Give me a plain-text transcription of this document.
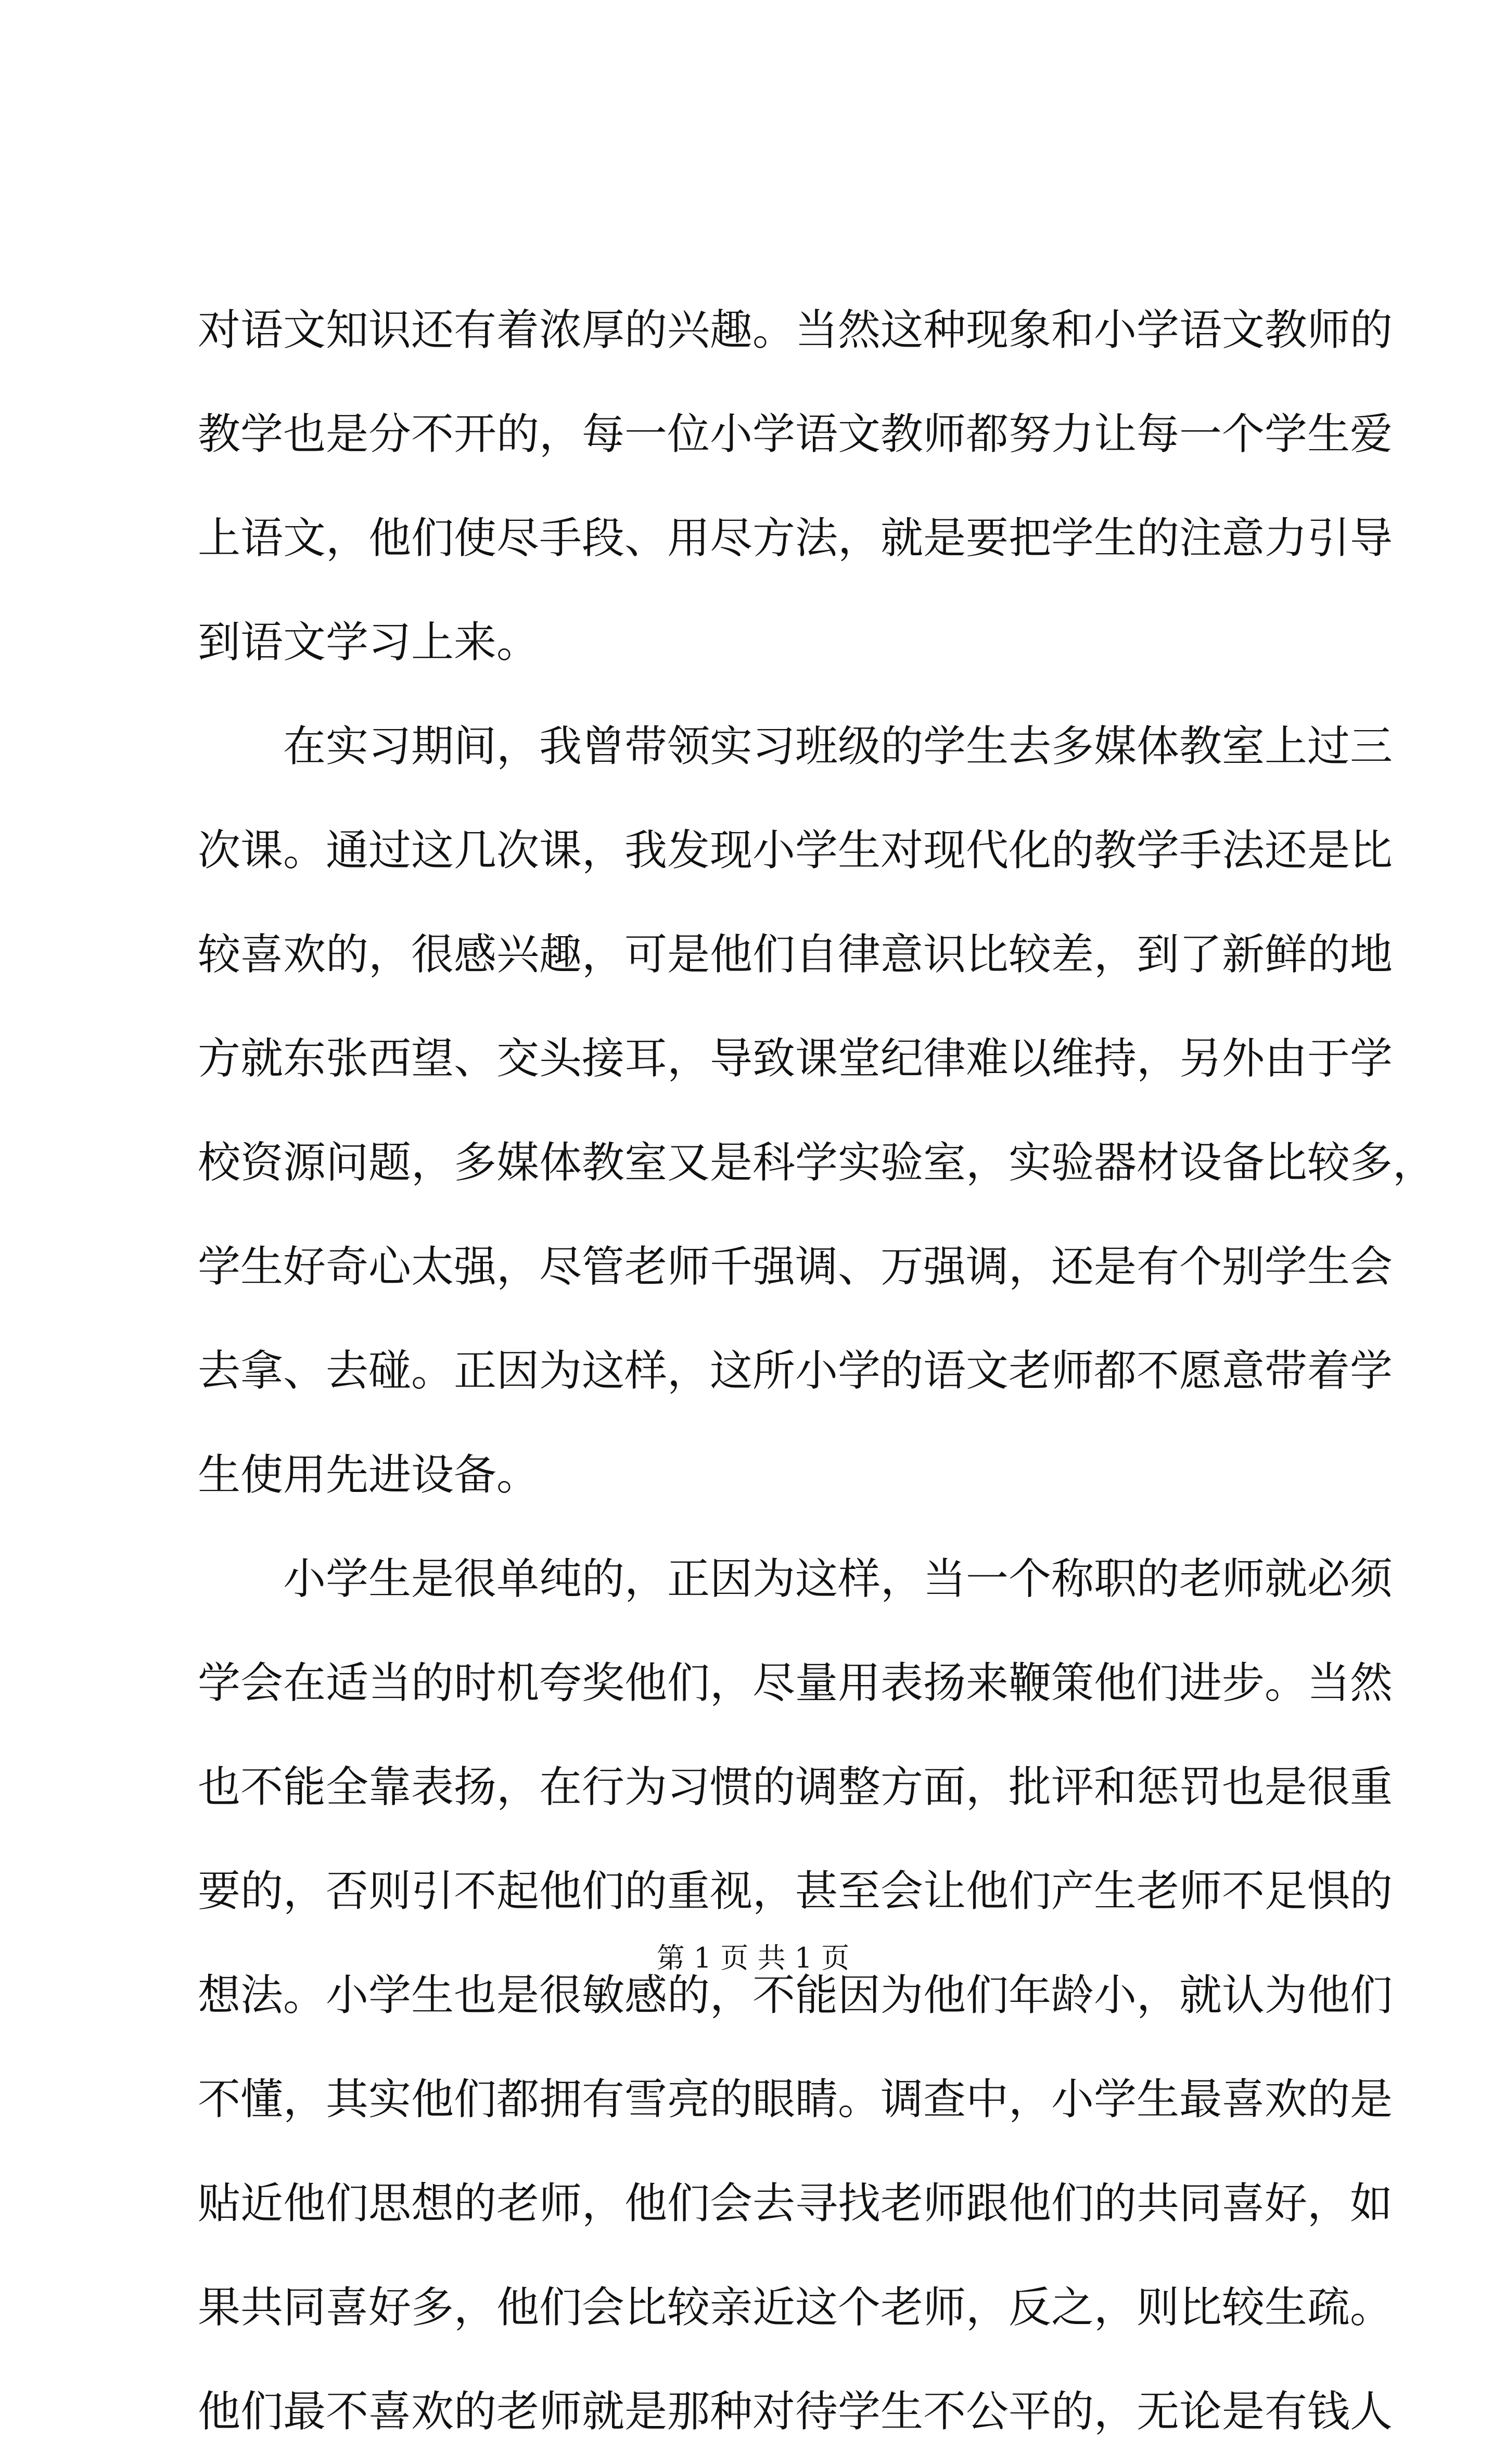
对语文知识还有着浓厚的兴趣。当然这种现象和小学语文教师的
教学也是分不开的，每一位小学语文教师都努力让每一个学生爱
上语文，他们使尽手段、用尽方法，就是要把学生的注意力引导
到语文学习上来。
在实习期间，我曾带领实习班级的学生去多媒体教室上过三
次课。通过这几次课，我发现小学生对现代化的教学手法还是比
较喜欢的，很感兴趣，可是他们自律意识比较差，到了新鲜的地
方就东张西望、交头接耳，导致课堂纪律难以维持，另外由于学
校资源问题，多媒体教室又是科学实验室，实验器材设备比较多，
学生好奇心太强，尽管老师千强调、万强调，还是有个别学生会
去拿、去碰。正因为这样，这所小学的语文老师都不愿意带着学
生使用先进设备。
小学生是很单纯的，正因为这样，当一个称职的老师就必须
学会在适当的时机夸奖他们，尽量用表扬来鞭策他们进步。当然
也不能全靠表扬，在行为习惯的调整方面，批评和惩罚也是很重
要的，否则引不起他们的重视，甚至会让他们产生老师不足惧的
想法。小学生也是很敏感的，不能因为他们年龄小，就认为他们
不懂，其实他们都拥有雪亮的眼睛。调查中，小学生最喜欢的是
贴近他们思想的老师，他们会去寻找老师跟他们的共同喜好，如
果共同喜好多，他们会比较亲近这个老师，反之，则比较生疏。
他们最不喜欢的老师就是那种对待学生不公平的，无论是有钱人
第 1 页 共 1 页
